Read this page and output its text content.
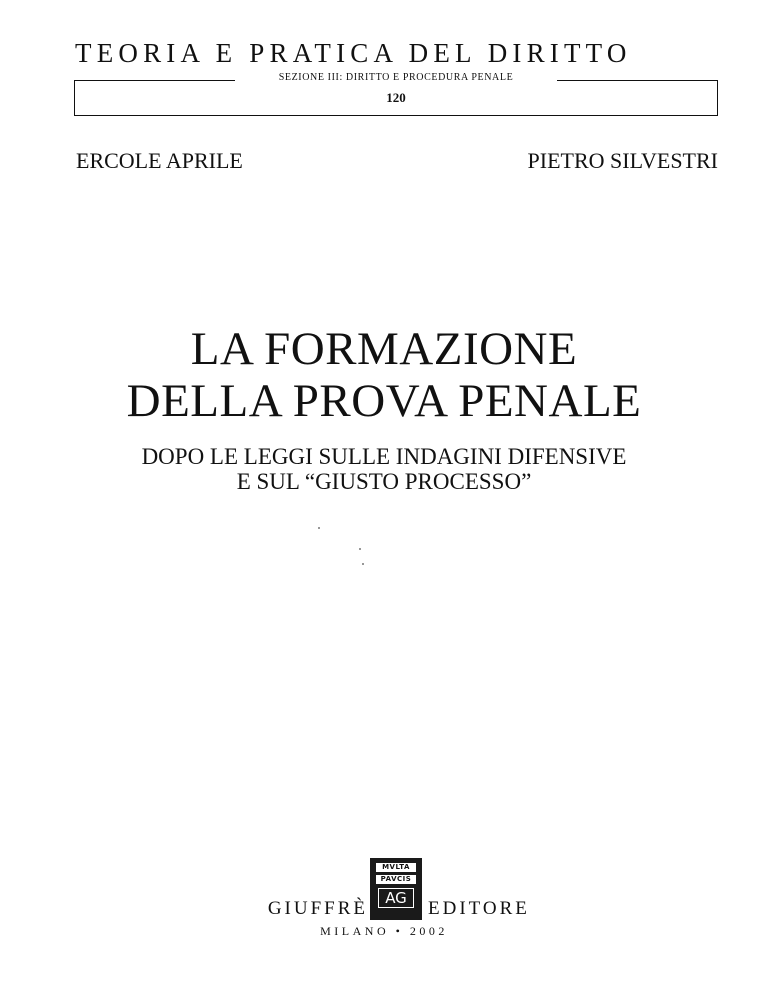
TEORIA E PRATICA DEL DIRITTO
SEZIONE III: DIRITTO E PROCEDURA PENALE
120
ERCOLE APRILE	PIETRO SILVESTRI
LA FORMAZIONE
DELLA PROVA PENALE
DOPO LE LEGGI SULLE INDAGINI DIFENSIVE
E SUL “GIUSTO PROCESSO”
GIUFFRÈ
MVLTA
PAVCIS
AG	EDITORE
MILANO • 2002
